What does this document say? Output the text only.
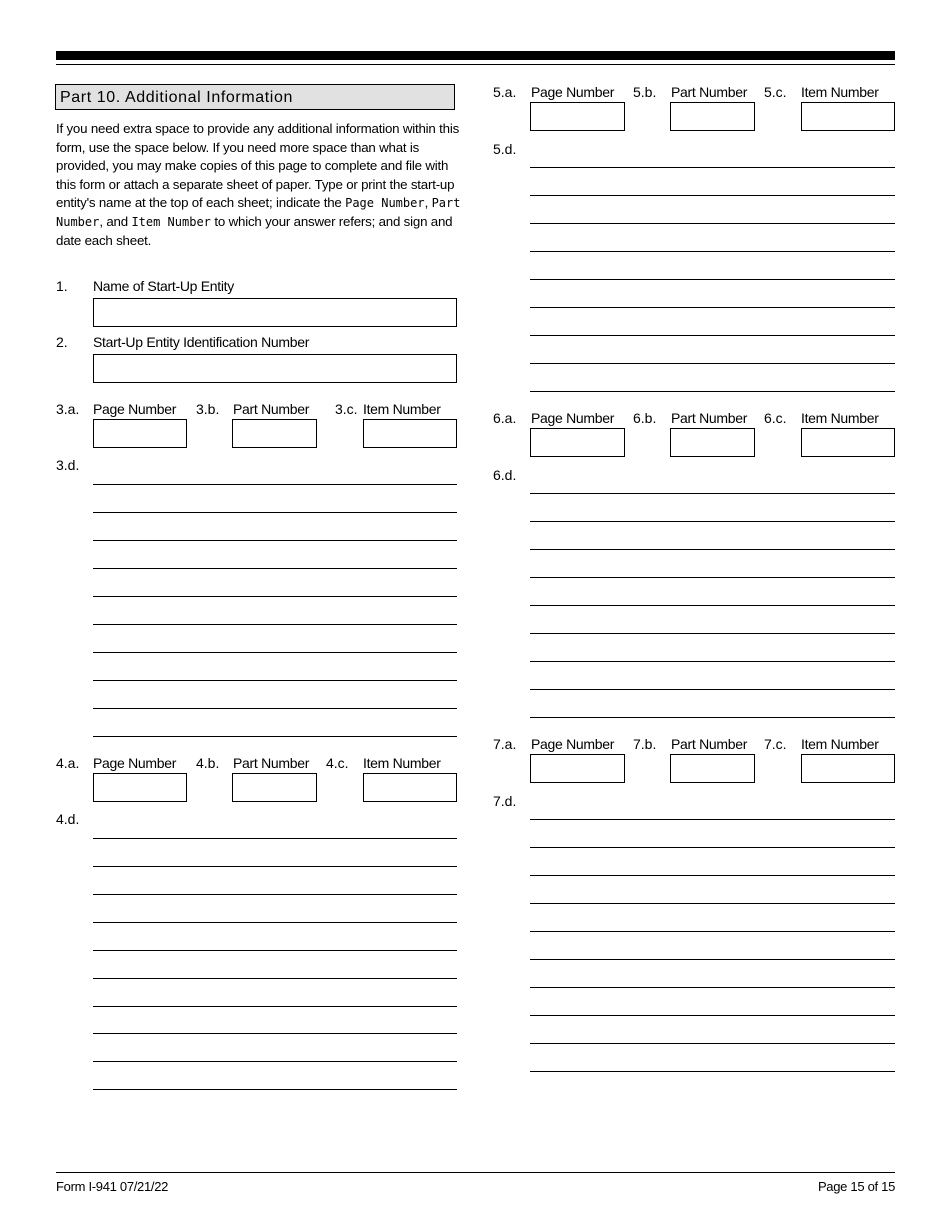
Part 10. Additional Information
If you need extra space to provide any additional information within this form, use the space below. If you need more space than what is provided, you may make copies of this page to complete and file with this form or attach a separate sheet of paper. Type or print the start-up entity's name at the top of each sheet; indicate the Page Number, Part Number, and Item Number to which your answer refers; and sign and date each sheet.
1. Name of Start-Up Entity
2. Start-Up Entity Identification Number
3.a. Page Number 3.b. Part Number 3.c. Item Number
3.d.
4.a. Page Number 4.b. Part Number 4.c. Item Number
4.d.
5.a. Page Number 5.b. Part Number 5.c. Item Number
5.d.
6.a. Page Number 6.b. Part Number 6.c. Item Number
6.d.
7.a. Page Number 7.b. Part Number 7.c. Item Number
7.d.
Form I-941 07/21/22	Page 15 of 15
